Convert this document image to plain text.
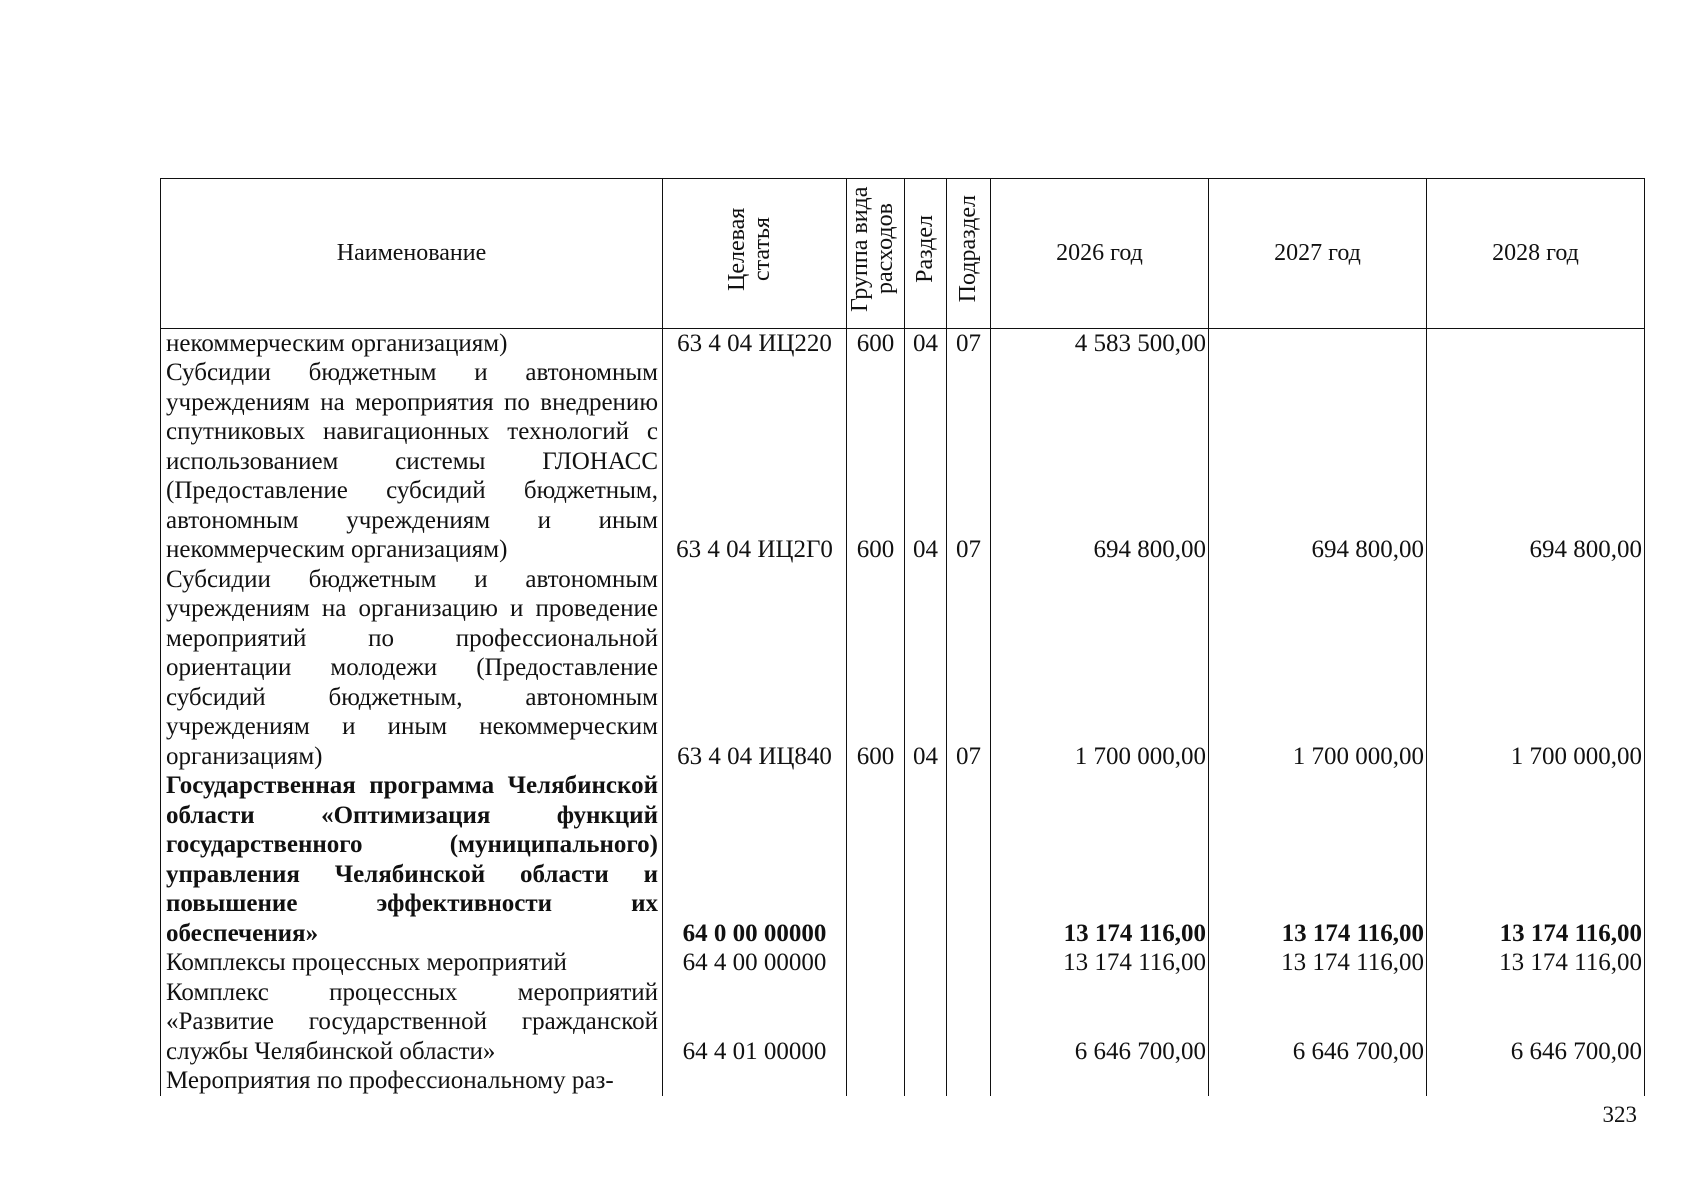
Наименование	Целевая статья	Группа вида расходов	Раздел	Подраздел	2026 год	2027 год	2028 год
некоммерческим организациям)	63 4 04 ИЦ220	600	04	07	4 583 500,00		
Субсидии бюджетным и автономным учреждениям на мероприятия по внедрению спутниковых навигационных технологий с использованием системы ГЛОНАСС (Предоставление субсидий бюджетным, автономным учреждениям и иным некоммерческим организациям)	63 4 04 ИЦ2Г0	600	04	07	694 800,00	694 800,00	694 800,00
Субсидии бюджетным и автономным учреждениям на организацию и проведение мероприятий по профессиональной ориентации молодежи (Предоставление субсидий бюджетным, автономным учреждениям и иным некоммерческим организациям)	63 4 04 ИЦ840	600	04	07	1 700 000,00	1 700 000,00	1 700 000,00
Государственная программа Челябинской области «Оптимизация функций государственного (муниципального) управления Челябинской области и повышение эффективности их обеспечения»	64 0 00 00000				13 174 116,00	13 174 116,00	13 174 116,00
Комплексы процессных мероприятий	64 4 00 00000				13 174 116,00	13 174 116,00	13 174 116,00
Комплекс процессных мероприятий «Развитие государственной гражданской службы Челябинской области»	64 4 01 00000				6 646 700,00	6 646 700,00	6 646 700,00
Мероприятия по профессиональному раз-							
323
